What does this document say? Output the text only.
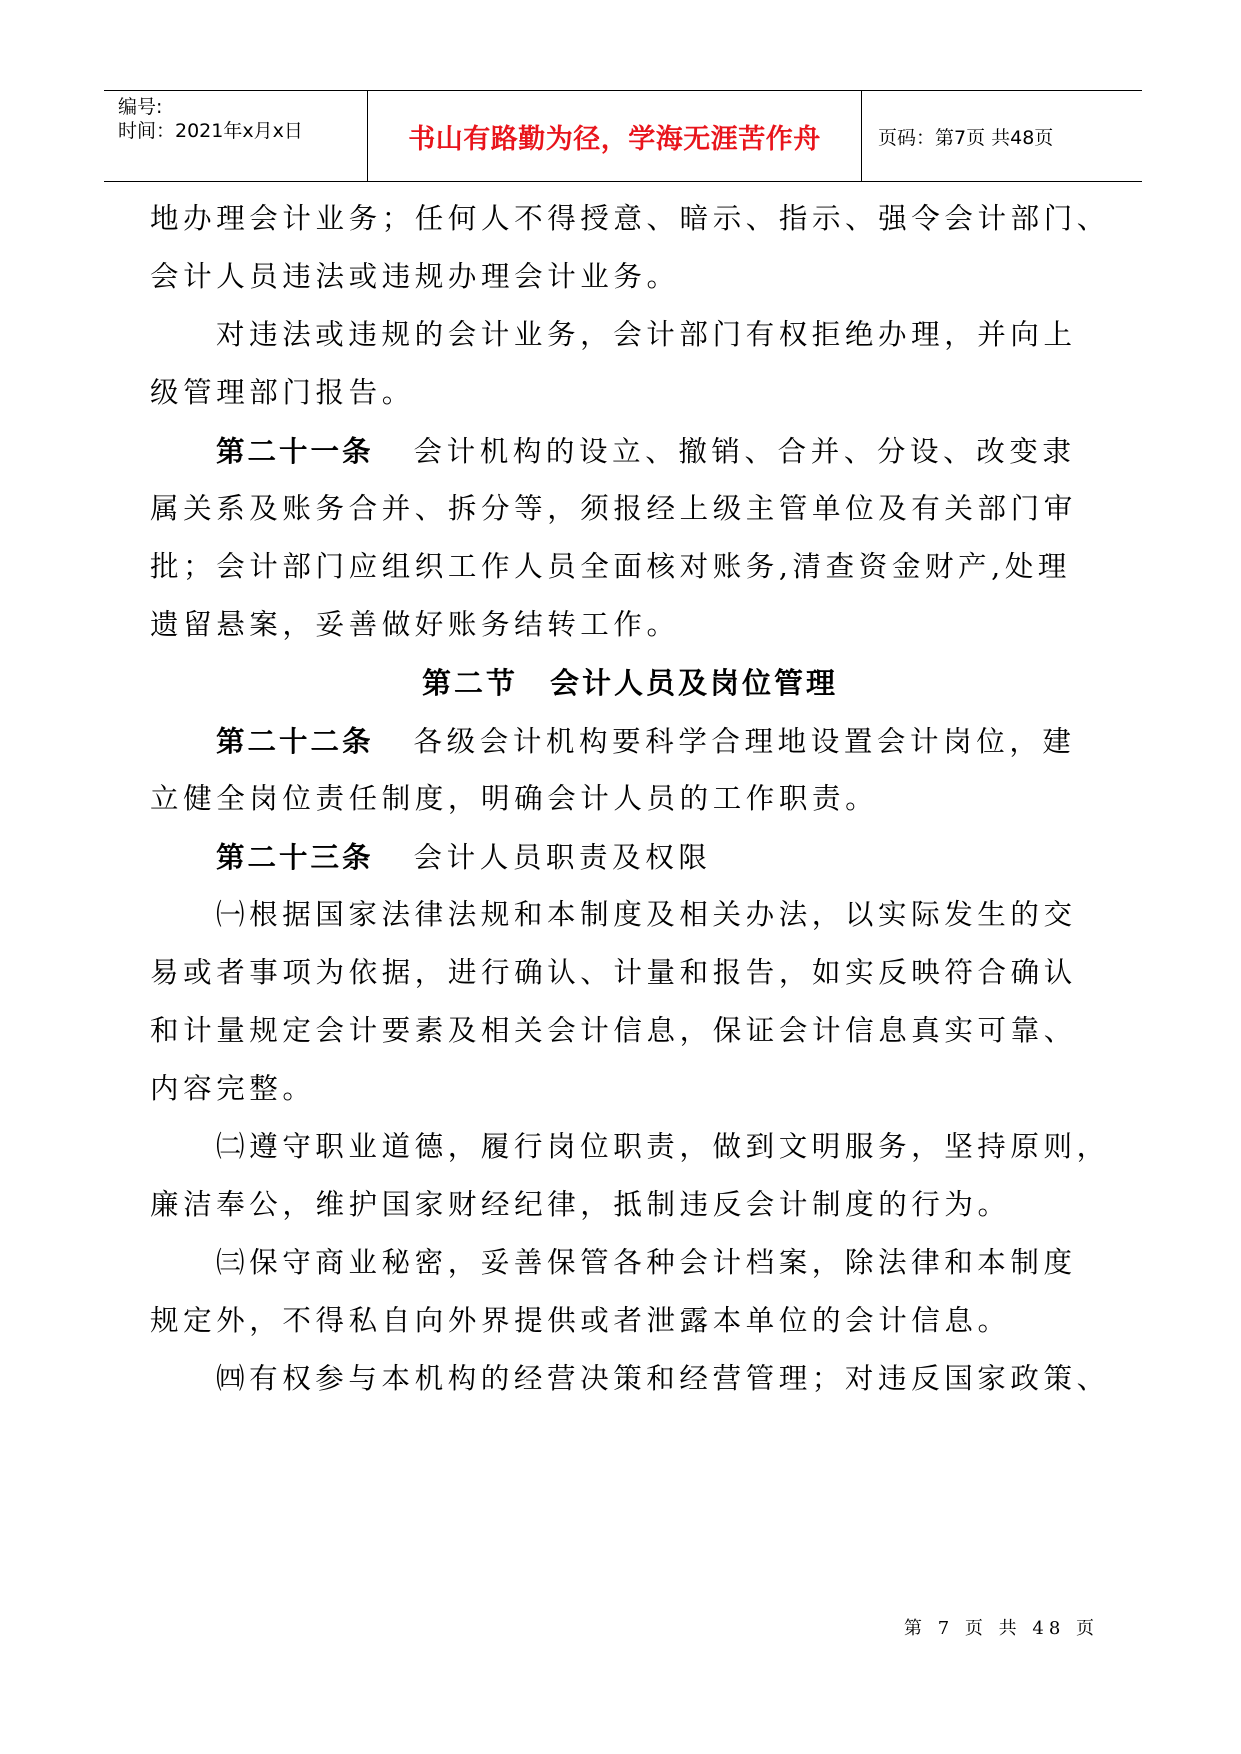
编号:
时间：2021年x月x日	书山有路勤为径，学海无涯苦作舟	页码：第7页 共48页
地办理会计业务；任何人不得授意、暗示、指示、强令会计部门、
会计人员违法或违规办理会计业务。
对违法或违规的会计业务，会计部门有权拒绝办理，并向上
级管理部门报告。
第二十一条 会计机构的设立、撤销、合并、分设、改变隶
属关系及账务合并、拆分等，须报经上级主管单位及有关部门审
批；会计部门应组织工作人员全面核对账务,清查资金财产,处理
遗留悬案，妥善做好账务结转工作。
第二节　会计人员及岗位管理
第二十二条 各级会计机构要科学合理地设置会计岗位，建
立健全岗位责任制度，明确会计人员的工作职责。
第二十三条 会计人员职责及权限
㈠根据国家法律法规和本制度及相关办法，以实际发生的交
易或者事项为依据，进行确认、计量和报告，如实反映符合确认
和计量规定会计要素及相关会计信息，保证会计信息真实可靠、
内容完整。
㈡遵守职业道德，履行岗位职责，做到文明服务，坚持原则，
廉洁奉公，维护国家财经纪律，抵制违反会计制度的行为。
㈢保守商业秘密，妥善保管各种会计档案，除法律和本制度
规定外，不得私自向外界提供或者泄露本单位的会计信息。
㈣有权参与本机构的经营决策和经营管理；对违反国家政策、
第 7 页 共 48 页
